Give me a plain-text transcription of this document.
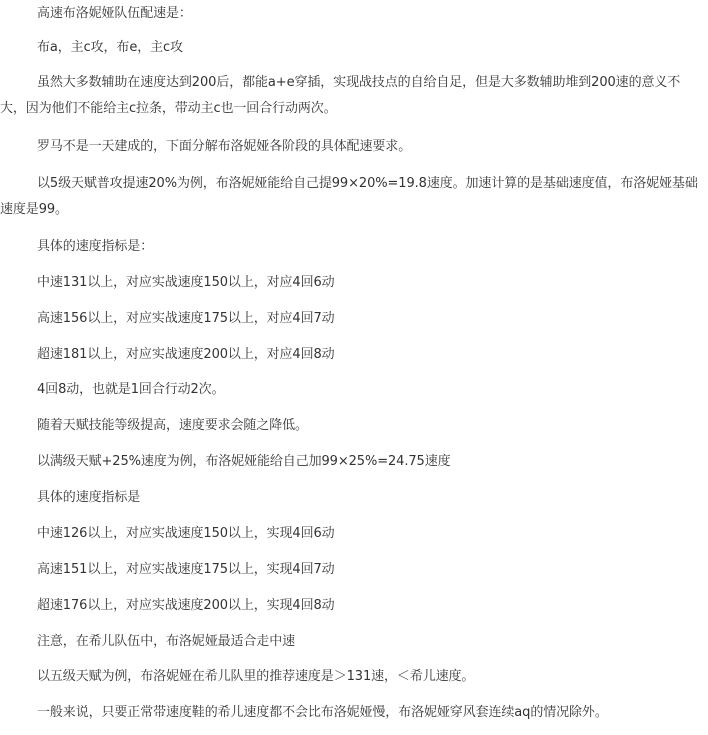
高速布洛妮娅队伍配速是：

布a，主c攻，布e，主c攻

虽然大多数辅助在速度达到200后，都能a+e穿插，实现战技点的自给自足，但是大多数辅助堆到200速的意义不大，因为他们不能给主c拉条，带动主c也一回合行动两次。

罗马不是一天建成的，下面分解布洛妮娅各阶段的具体配速要求。

以5级天赋普攻提速20%为例，布洛妮娅能给自己提99×20%=19.8速度。加速计算的是基础速度值，布洛妮娅基础速度是99。

具体的速度指标是：

中速131以上，对应实战速度150以上，对应4回6动

高速156以上，对应实战速度175以上，对应4回7动

超速181以上，对应实战速度200以上，对应4回8动

4回8动，也就是1回合行动2次。

随着天赋技能等级提高，速度要求会随之降低。

以满级天赋+25%速度为例，布洛妮娅能给自己加99×25%=24.75速度

具体的速度指标是

中速126以上，对应实战速度150以上，实现4回6动

高速151以上，对应实战速度175以上，实现4回7动

超速176以上，对应实战速度200以上，实现4回8动

注意，在希儿队伍中，布洛妮娅最适合走中速

以五级天赋为例，布洛妮娅在希儿队里的推荐速度是＞131速，＜希儿速度。

一般来说，只要正常带速度鞋的希儿速度都不会比布洛妮娅慢，布洛妮娅穿风套连续aq的情况除外。
